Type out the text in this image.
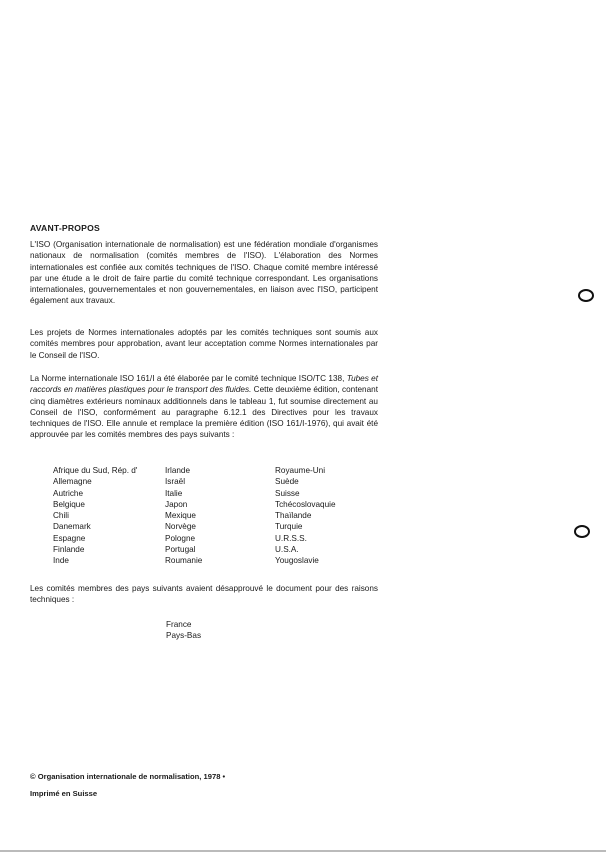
AVANT-PROPOS
L'ISO (Organisation internationale de normalisation) est une fédération mondiale d'organismes nationaux de normalisation (comités membres de l'ISO). L'élaboration des Normes internationales est confiée aux comités techniques de l'ISO. Chaque comité membre intéressé par une étude a le droit de faire partie du comité technique correspondant. Les organisations internationales, gouvernementales et non gouvernementales, en liaison avec l'ISO, participent également aux travaux.
Les projets de Normes internationales adoptés par les comités techniques sont soumis aux comités membres pour approbation, avant leur acceptation comme Normes internationales par le Conseil de l'ISO.
La Norme internationale ISO 161/I a été élaborée par le comité technique ISO/TC 138, Tubes et raccords en matières plastiques pour le transport des fluides. Cette deuxième édition, contenant cinq diamètres extérieurs nominaux additionnels dans le tableau 1, fut soumise directement au Conseil de l'ISO, conformément au paragraphe 6.12.1 des Directives pour les travaux techniques de l'ISO. Elle annule et remplace la première édition (ISO 161/I-1976), qui avait été approuvée par les comités membres des pays suivants :
Afrique du Sud, Rép. d'
Allemagne
Autriche
Belgique
Chili
Danemark
Espagne
Finlande
Inde
Irlande
Israël
Italie
Japon
Mexique
Norvège
Pologne
Portugal
Roumanie
Royaume-Uni
Suède
Suisse
Tchécoslovaquie
Thaïlande
Turquie
U.R.S.S.
U.S.A.
Yougoslavie
Les comités membres des pays suivants avaient désapprouvé le document pour des raisons techniques :
France
Pays-Bas
© Organisation internationale de normalisation, 1978 •
Imprimé en Suisse
